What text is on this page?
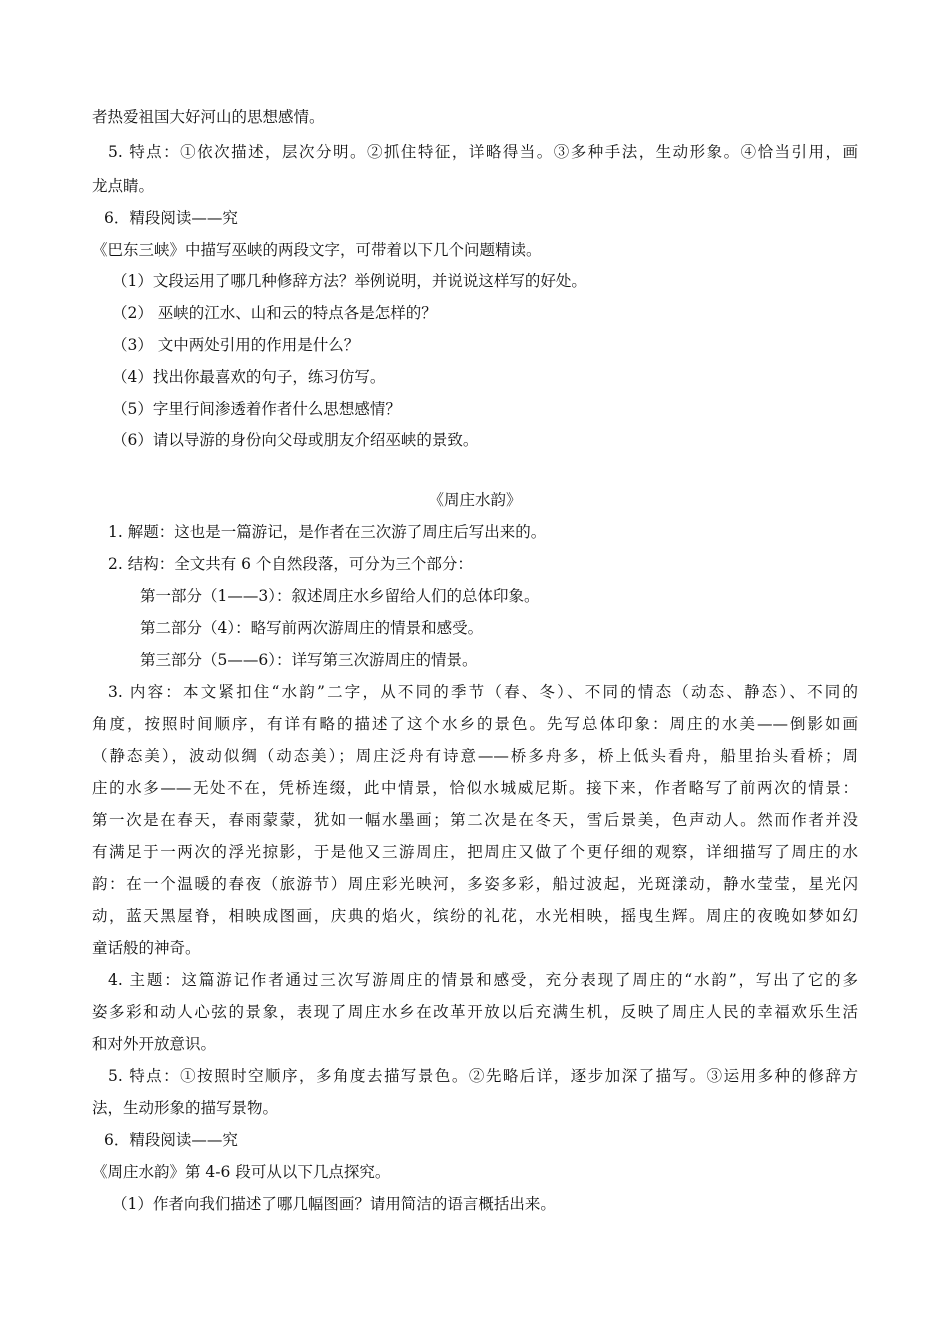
者热爱祖国大好河山的思想感情。
5. 特点：①依次描述，层次分明。②抓住特征，详略得当。③多种手法，生动形象。④恰当引用，画
龙点睛。
6．精段阅读——究
《巴东三峡》中描写巫峡的两段文字，可带着以下几个问题精读。
（1）文段运用了哪几种修辞方法？举例说明，并说说这样写的好处。
（2） 巫峡的江水、山和云的特点各是怎样的？
（3） 文中两处引用的作用是什么？
（4）找出你最喜欢的句子，练习仿写。
（5）字里行间渗透着作者什么思想感情？
（6）请以导游的身份向父母或朋友介绍巫峡的景致。
《周庄水韵》
1. 解题：这也是一篇游记，是作者在三次游了周庄后写出来的。
2. 结构：全文共有 6 个自然段落，可分为三个部分：
第一部分（1——3）：叙述周庄水乡留给人们的总体印象。
第二部分（4）：略写前两次游周庄的情景和感受。
第三部分（5——6）：详写第三次游周庄的情景。
3. 内容：本文紧扣住“水韵”二字，从不同的季节（春、冬）、不同的情态（动态、静态）、不同的
角度，按照时间顺序，有详有略的描述了这个水乡的景色。先写总体印象：周庄的水美——倒影如画
（静态美），波动似绸（动态美）；周庄泛舟有诗意——桥多舟多，桥上低头看舟，船里抬头看桥；周
庄的水多——无处不在，凭桥连缀，此中情景，恰似水城威尼斯。接下来，作者略写了前两次的情景：
第一次是在春天，春雨蒙蒙，犹如一幅水墨画；第二次是在冬天，雪后景美，色声动人。然而作者并没
有满足于一两次的浮光掠影，于是他又三游周庄，把周庄又做了个更仔细的观察，详细描写了周庄的水
韵：在一个温暖的春夜（旅游节）周庄彩光映河，多姿多彩，船过波起，光斑漾动，静水莹莹，星光闪
动，蓝天黑屋脊，相映成图画，庆典的焰火，缤纷的礼花，水光相映，摇曳生辉。周庄的夜晚如梦如幻
童话般的神奇。
4. 主题：这篇游记作者通过三次写游周庄的情景和感受，充分表现了周庄的“水韵”，写出了它的多
姿多彩和动人心弦的景象，表现了周庄水乡在改革开放以后充满生机，反映了周庄人民的幸福欢乐生活
和对外开放意识。
5. 特点：①按照时空顺序，多角度去描写景色。②先略后详，逐步加深了描写。③运用多种的修辞方
法，生动形象的描写景物。
6．精段阅读——究
《周庄水韵》第 4-6 段可从以下几点探究。
（1）作者向我们描述了哪几幅图画？请用简洁的语言概括出来。
